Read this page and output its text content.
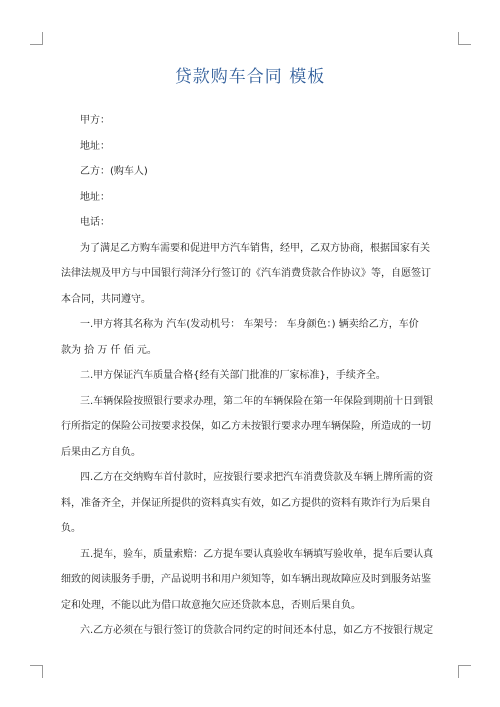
贷款购车合同 模板
甲方：
地址：
乙方：(购车人)
地址：
电话：
为了满足乙方购车需要和促进甲方汽车销售，经甲，乙双方协商，根据国家有关
法律法规及甲方与中国银行菏泽分行签订的《汽车消费贷款合作协议》等，自愿签订
本合同，共同遵守。
一.甲方将其名称为 汽车(发动机号： 车架号： 车身颜色：) 辆卖给乙方，车价
款为 拾 万 仟 佰 元。
二.甲方保证汽车质量合格{经有关部门批准的厂家标准}，手续齐全。
三.车辆保险按照银行要求办理，第二年的车辆保险在第一年保险到期前十日到银
行所指定的保险公司按要求投保，如乙方未按银行要求办理车辆保险，所造成的一切
后果由乙方自负。
四.乙方在交纳购车首付款时，应按银行要求把汽车消费贷款及车辆上牌所需的资
料，准备齐全，并保证所提供的资料真实有效，如乙方提供的资料有欺诈行为后果自
负。
五.提车，验车，质量索赔：乙方提车要认真验收车辆填写验收单，提车后要认真
细致的阅读服务手册，产品说明书和用户须知等，如车辆出现故障应及时到服务站鉴
定和处理，不能以此为借口故意拖欠应还贷款本息，否则后果自负。
六.乙方必须在与银行签订的贷款合同约定的时间还本付息，如乙方不按银行规定
